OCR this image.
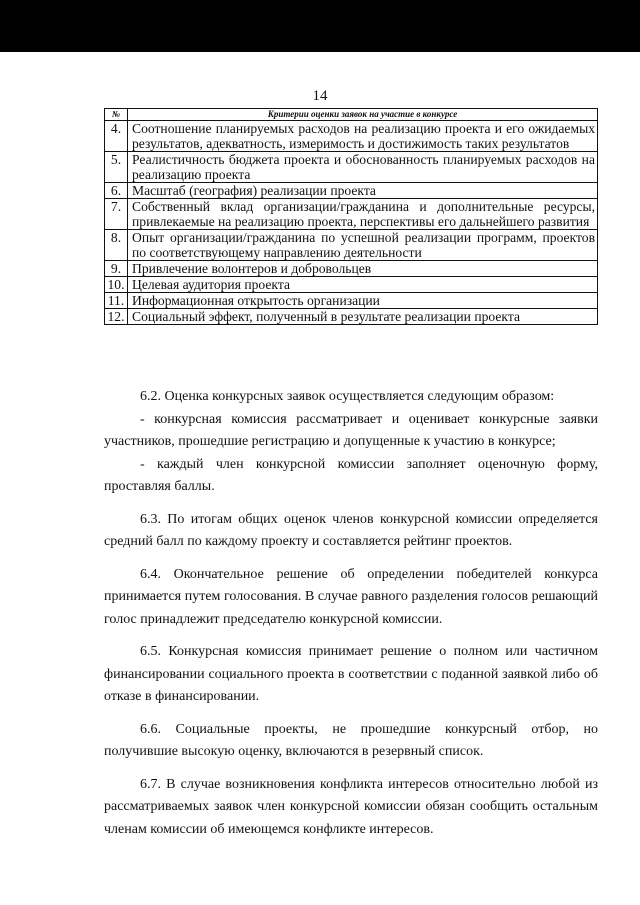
14
№	Критерии оценки заявок на участие в конкурсе
4.	Соотношение планируемых расходов на реализацию проекта и его ожидаемых результатов, адекватность, измеримость и достижимость таких результатов
5.	Реалистичность бюджета проекта и обоснованность планируемых расходов на реализацию проекта
6.	Масштаб (география) реализации проекта
7.	Собственный вклад организации/гражданина и дополнительные ресурсы, привлекаемые на реализацию проекта, перспективы его дальнейшего развития
8.	Опыт организации/гражданина по успешной реализации программ, проектов по соответствующему направлению деятельности
9.	Привлечение волонтеров и добровольцев
10.	Целевая аудитория проекта
11.	Информационная открытость организации
12.	Социальный эффект, полученный в результате реализации проекта

6.2. Оценка конкурсных заявок осуществляется следующим образом:

- конкурсная комиссия рассматривает и оценивает конкурсные заявки участников, прошедшие регистрацию и допущенные к участию в конкурсе;

- каждый член конкурсной комиссии заполняет оценочную форму, проставляя баллы.

6.3. По итогам общих оценок членов конкурсной комиссии определяется средний балл по каждому проекту и составляется рейтинг проектов.

6.4. Окончательное решение об определении победителей конкурса принимается путем голосования. В случае равного разделения голосов решающий голос принадлежит председателю конкурсной комиссии.

6.5. Конкурсная комиссия принимает решение о полном или частичном финансировании социального проекта в соответствии с поданной заявкой либо об отказе в финансировании.

6.6. Социальные проекты, не прошедшие конкурсный отбор, но получившие высокую оценку, включаются в резервный список.

6.7. В случае возникновения конфликта интересов относительно любой из рассматриваемых заявок член конкурсной комиссии обязан сообщить остальным членам комиссии об имеющемся конфликте интересов.
